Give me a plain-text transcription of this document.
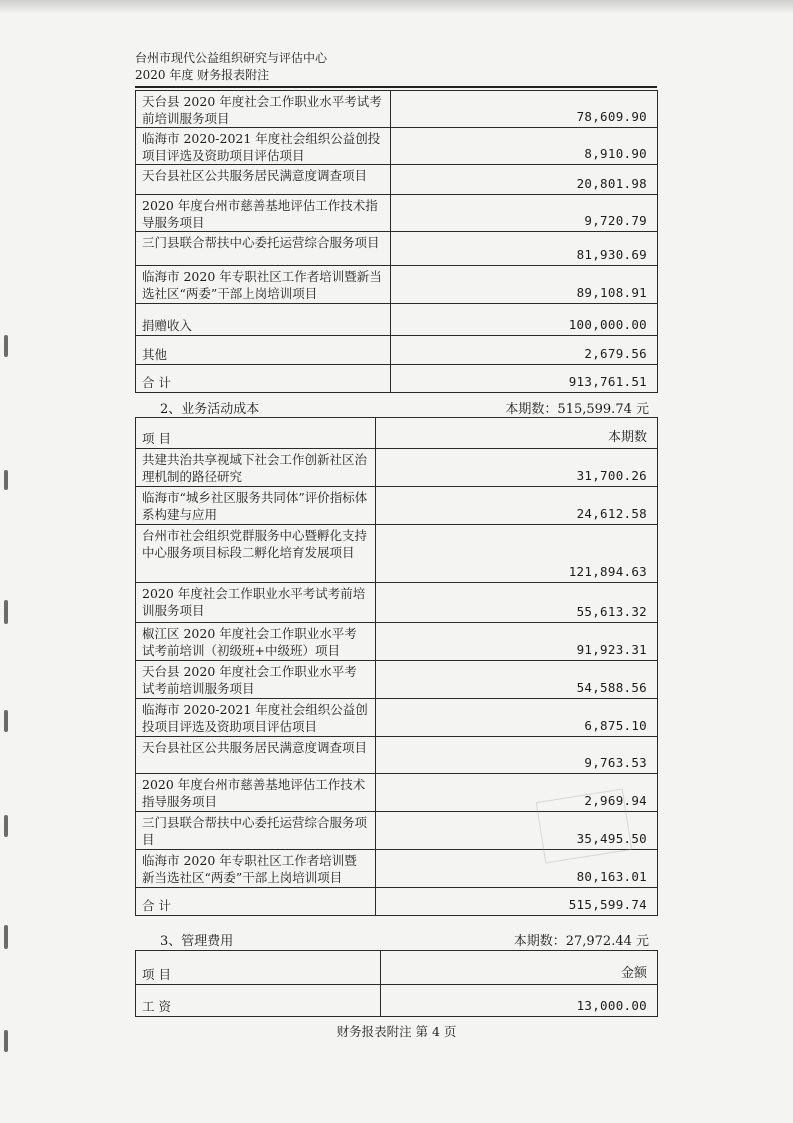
台州市现代公益组织研究与评估中心
2020 年度 财务报表附注
天台县 2020 年度社会工作职业水平考试考前培训服务项目	78,609.90
临海市 2020-2021 年度社会组织公益创投项目评选及资助项目评估项目	8,910.90
天台县社区公共服务居民满意度调查项目	20,801.98
2020 年度台州市慈善基地评估工作技术指导服务项目	9,720.79
三门县联合帮扶中心委托运营综合服务项目	81,930.69
临海市 2020 年专职社区工作者培训暨新当选社区“两委”干部上岗培训项目	89,108.91
捐赠收入	100,000.00
其他	2,679.56
合 计	913,761.51
2、业务活动成本	本期数：515,599.74 元
项 目	本期数
共建共治共享视域下社会工作创新社区治理机制的路径研究	31,700.26
临海市“城乡社区服务共同体”评价指标体系构建与应用	24,612.58
台州市社会组织党群服务中心暨孵化支持中心服务项目标段二孵化培育发展项目	121,894.63
2020 年度社会工作职业水平考试考前培训服务项目	55,613.32
椒江区 2020 年度社会工作职业水平考试考前培训（初级班+中级班）项目	91,923.31
天台县 2020 年度社会工作职业水平考试考前培训服务项目	54,588.56
临海市 2020-2021 年度社会组织公益创投项目评选及资助项目评估项目	6,875.10
天台县社区公共服务居民满意度调查项目	9,763.53
2020 年度台州市慈善基地评估工作技术指导服务项目	2,969.94
三门县联合帮扶中心委托运营综合服务项目	35,495.50
临海市 2020 年专职社区工作者培训暨新当选社区“两委”干部上岗培训项目	80,163.01
合 计	515,599.74
3、管理费用	本期数：27,972.44 元
项 目	金额
工 资	13,000.00
财务报表附注 第 4 页
